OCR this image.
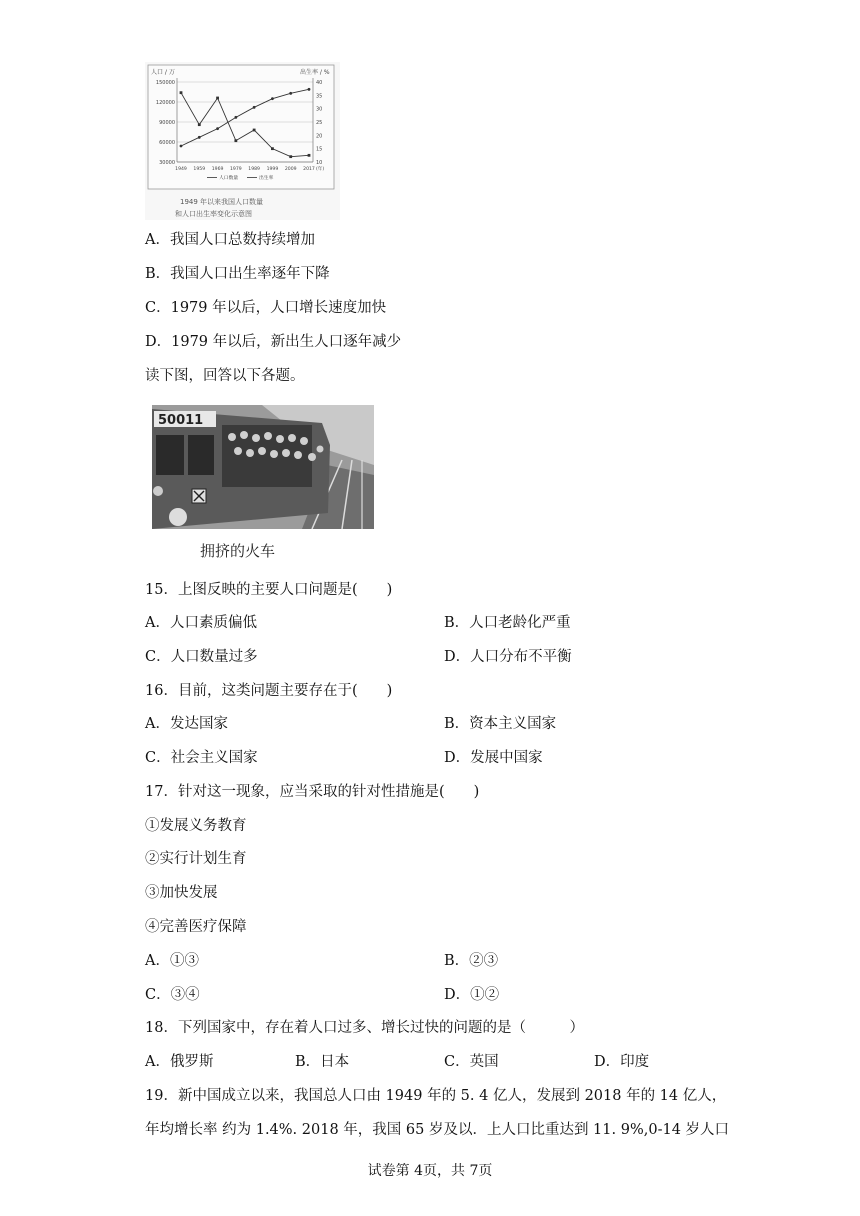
人口 / 万	出生率 / %
150000
120000
90000
60000
30000
40
35
30
25
20
15
10
1949 1959 1969 1979 1989 1999 2009 2017 (年)
人口数量	出生率
1949 年以来我国人口数量
和人口出生率变化示意图
A．我国人口总数持续增加
B．我国人口出生率逐年下降
C．1979 年以后，人口增长速度加快
D．1979 年以后，新出生人口逐年减少
读下图，回答以下各题。
50011
拥挤的火车
15．上图反映的主要人口问题是(　　)
A．人口素质偏低	B．人口老龄化严重
C．人口数量过多	D．人口分布不平衡
16．目前，这类问题主要存在于(　　)
A．发达国家	B．资本主义国家
C．社会主义国家	D．发展中国家
17．针对这一现象，应当采取的针对性措施是(　　)
①发展义务教育
②实行计划生育
③加快发展
④完善医疗保障
A．①③	B．②③
C．③④	D．①②
18．下列国家中，存在着人口过多、增长过快的问题的是（　　　）
A．俄罗斯	B．日本	C．英国	D．印度
19．新中国成立以来，我国总人口由 1949 年的 5. 4 亿人，发展到 2018 年的 14 亿人，
年均增长率 约为 1.4%. 2018 年，我国 65 岁及以．上人口比重达到 11. 9%,0-14 岁人口
试卷第 4页，共 7页
